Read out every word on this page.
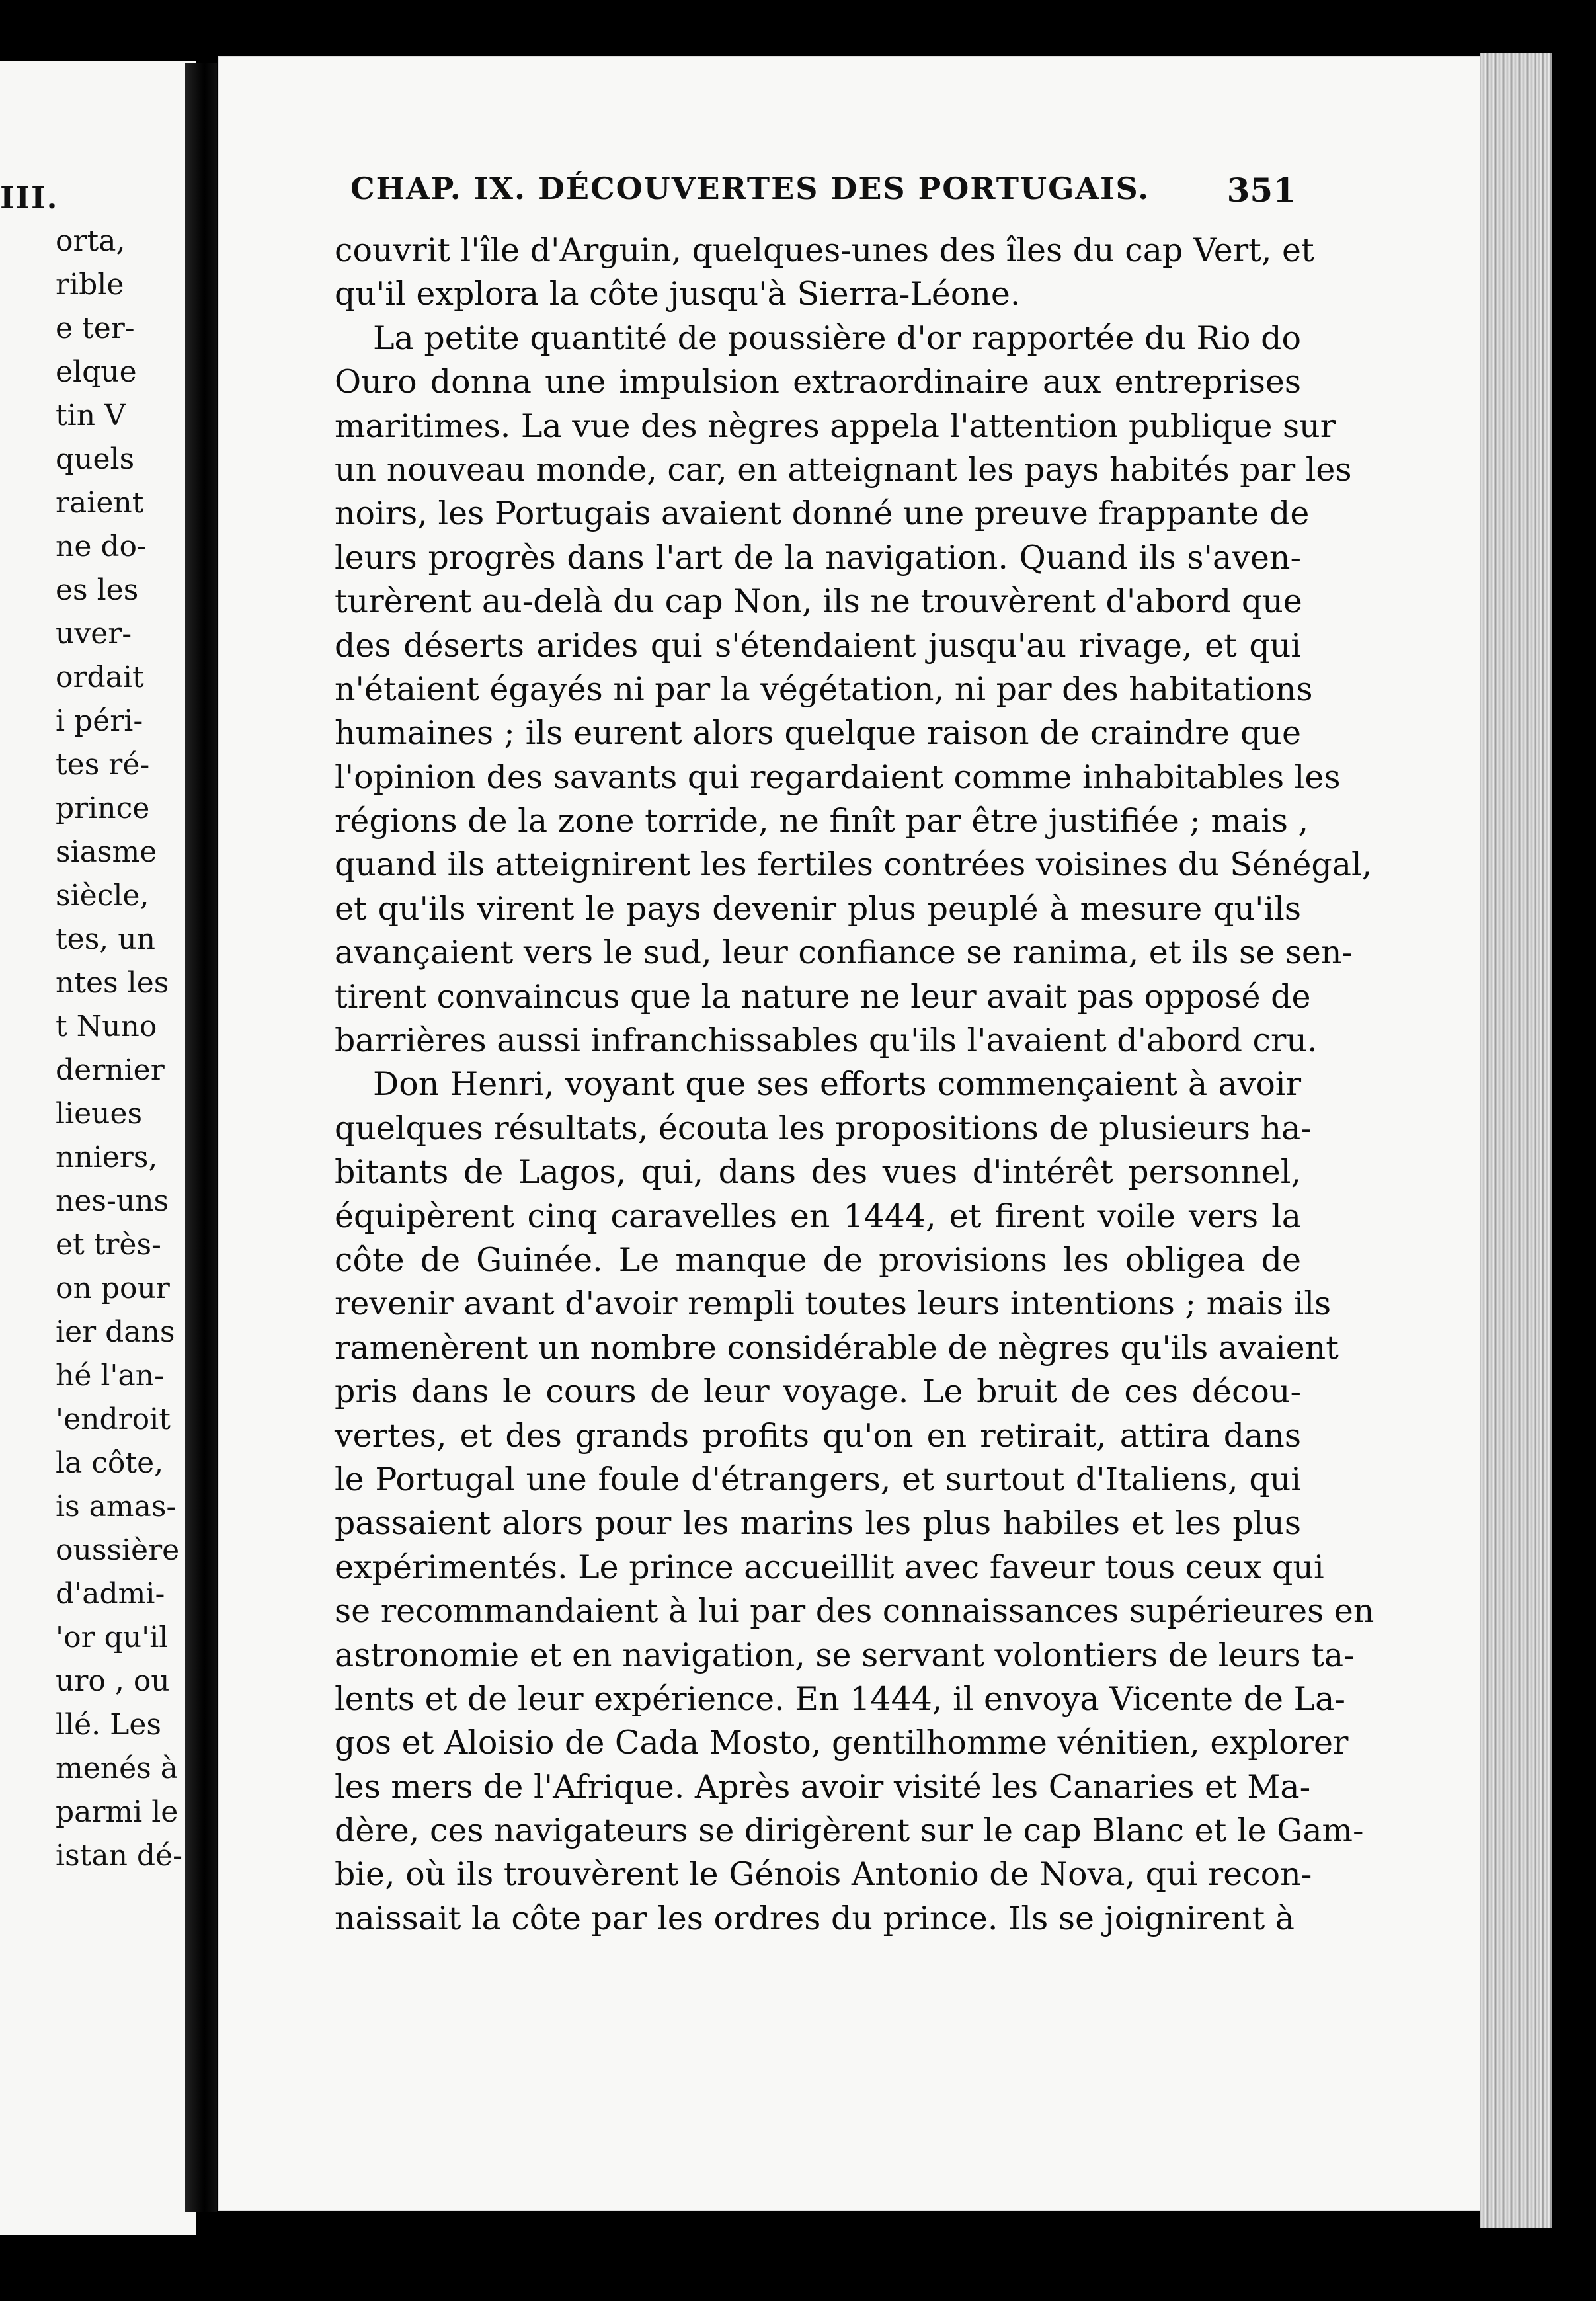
III.
orta,
rible
e ter-
elque
tin V
quels
raient
ne do-
es les
uver-
ordait
i péri-
tes ré-
prince
siasme
siècle,
tes, un
ntes les
t Nuno
dernier
lieues
nniers,
nes-uns
et très-
on pour
ier dans
hé l'an-
'endroit
la côte,
is amas-
oussière
d'admi-
'or qu'il
uro , ou
llé. Les
menés à
parmi le
istan dé-
CHAP. IX. DÉCOUVERTES DES PORTUGAIS. 351
couvrit l'île d'Arguin, quelques-unes des îles du cap Vert, et
qu'il explora la côte jusqu'à Sierra-Léone.
La petite quantité de poussière d'or rapportée du Rio do
Ouro donna une impulsion extraordinaire aux entreprises
maritimes. La vue des nègres appela l'attention publique sur
un nouveau monde, car, en atteignant les pays habités par les
noirs, les Portugais avaient donné une preuve frappante de
leurs progrès dans l'art de la navigation. Quand ils s'aven-
turèrent au-delà du cap Non, ils ne trouvèrent d'abord que
des déserts arides qui s'étendaient jusqu'au rivage, et qui
n'étaient égayés ni par la végétation, ni par des habitations
humaines ; ils eurent alors quelque raison de craindre que
l'opinion des savants qui regardaient comme inhabitables les
régions de la zone torride, ne finît par être justifiée ; mais ,
quand ils atteignirent les fertiles contrées voisines du Sénégal,
et qu'ils virent le pays devenir plus peuplé à mesure qu'ils
avançaient vers le sud, leur confiance se ranima, et ils se sen-
tirent convaincus que la nature ne leur avait pas opposé de
barrières aussi infranchissables qu'ils l'avaient d'abord cru.
Don Henri, voyant que ses efforts commençaient à avoir
quelques résultats, écouta les propositions de plusieurs ha-
bitants de Lagos, qui, dans des vues d'intérêt personnel,
équipèrent cinq caravelles en 1444, et firent voile vers la
côte de Guinée. Le manque de provisions les obligea de
revenir avant d'avoir rempli toutes leurs intentions ; mais ils
ramenèrent un nombre considérable de nègres qu'ils avaient
pris dans le cours de leur voyage. Le bruit de ces décou-
vertes, et des grands profits qu'on en retirait, attira dans
le Portugal une foule d'étrangers, et surtout d'Italiens, qui
passaient alors pour les marins les plus habiles et les plus
expérimentés. Le prince accueillit avec faveur tous ceux qui
se recommandaient à lui par des connaissances supérieures en
astronomie et en navigation, se servant volontiers de leurs ta-
lents et de leur expérience. En 1444, il envoya Vicente de La-
gos et Aloisio de Cada Mosto, gentilhomme vénitien, explorer
les mers de l'Afrique. Après avoir visité les Canaries et Ma-
dère, ces navigateurs se dirigèrent sur le cap Blanc et le Gam-
bie, où ils trouvèrent le Génois Antonio de Nova, qui recon-
naissait la côte par les ordres du prince. Ils se joignirent à
